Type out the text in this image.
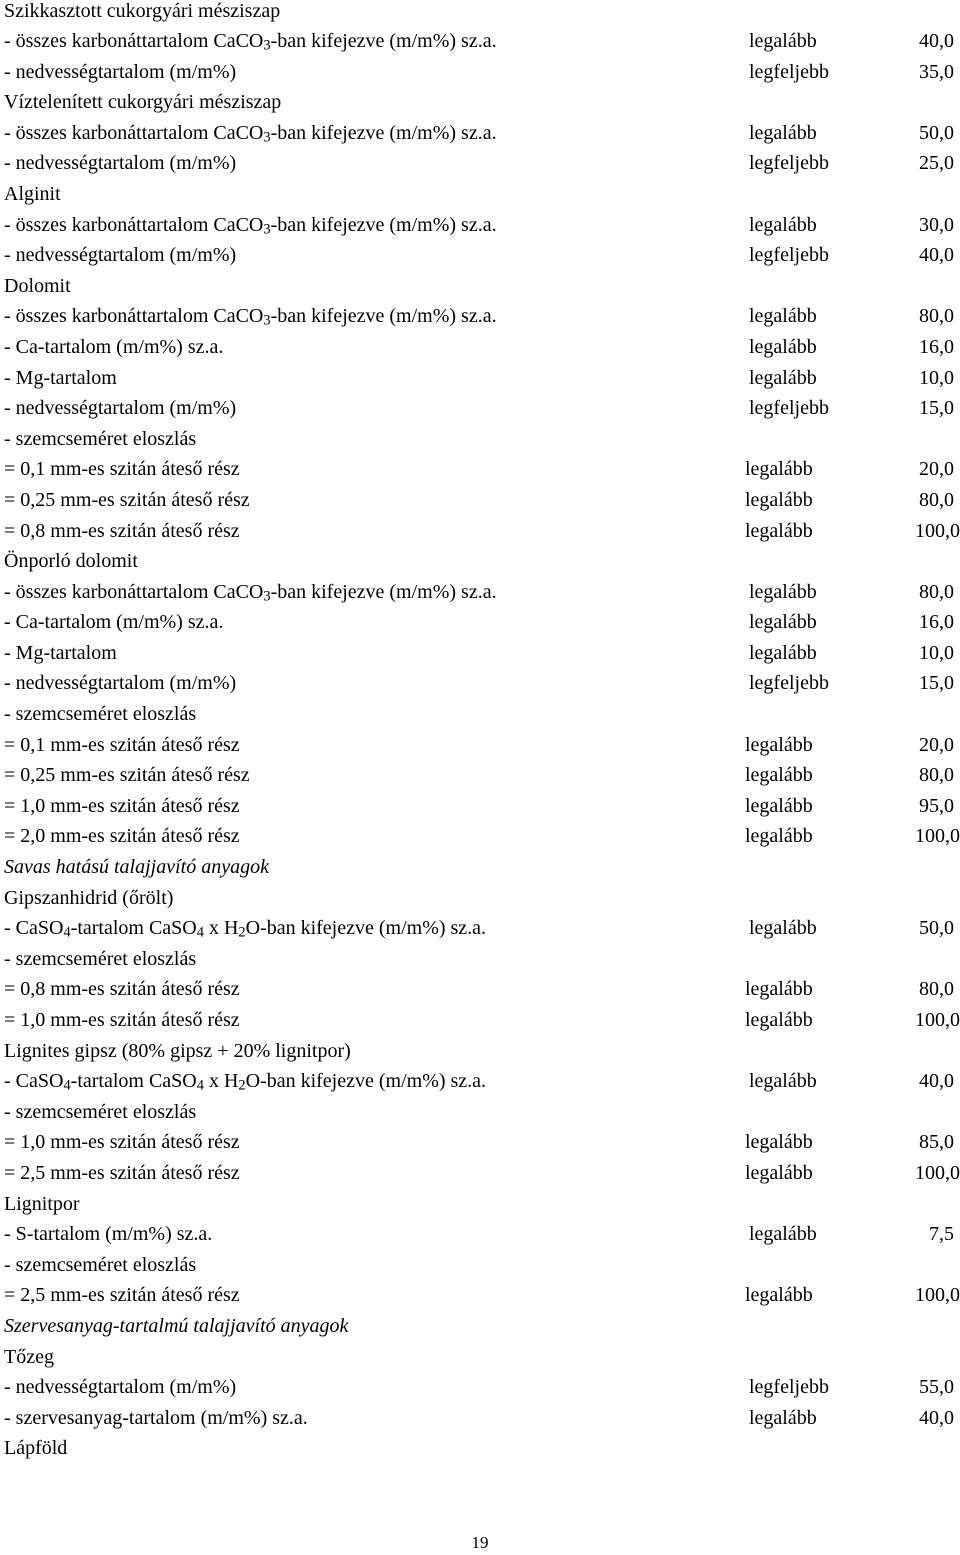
Szikkasztott cukorgyári mésziszap
- összes karbonáttartalom CaCO$_3$-ban kifejezve (m/m%) sz.a.	legalább	40,0
- nedvességtartalom (m/m%)	legfeljebb	35,0
Víztelenített cukorgyári mésziszap
- összes karbonáttartalom CaCO$_3$-ban kifejezve (m/m%) sz.a.	legalább	50,0
- nedvességtartalom (m/m%)	legfeljebb	25,0
Alginit
- összes karbonáttartalom CaCO$_3$-ban kifejezve (m/m%) sz.a.	legalább	30,0
- nedvességtartalom (m/m%)	legfeljebb	40,0
Dolomit
- összes karbonáttartalom CaCO$_3$-ban kifejezve (m/m%) sz.a.	legalább	80,0
- Ca-tartalom (m/m%) sz.a.	legalább	16,0
- Mg-tartalom	legalább	10,0
- nedvességtartalom (m/m%)	legfeljebb	15,0
- szemcseméret eloszlás
= 0,1 mm-es szitán áteső rész	legalább	20,0
= 0,25 mm-es szitán áteső rész	legalább	80,0
= 0,8 mm-es szitán áteső rész	legalább	100,0
Önporló dolomit
- összes karbonáttartalom CaCO$_3$-ban kifejezve (m/m%) sz.a.	legalább	80,0
- Ca-tartalom (m/m%) sz.a.	legalább	16,0
- Mg-tartalom	legalább	10,0
- nedvességtartalom (m/m%)	legfeljebb	15,0
- szemcseméret eloszlás
= 0,1 mm-es szitán áteső rész	legalább	20,0
= 0,25 mm-es szitán áteső rész	legalább	80,0
= 1,0 mm-es szitán áteső rész	legalább	95,0
= 2,0 mm-es szitán áteső rész	legalább	100,0
Savas hatású talajjavító anyagok
Gipszanhidrid (őrölt)
- CaSO$_4$-tartalom CaSO$_4$ x $H_2O$-ban kifejezve (m/m%) sz.a.	legalább	50,0
- szemcseméret eloszlás
= 0,8 mm-es szitán áteső rész	legalább	80,0
= 1,0 mm-es szitán áteső rész	legalább	100,0
Lignites gipsz (80% gipsz + 20% lignitpor)
- CaSO$_4$-tartalom CaSO$_4$ x $H_2O$-ban kifejezve (m/m%) sz.a.	legalább	40,0
- szemcseméret eloszlás
= 1,0 mm-es szitán áteső rész	legalább	85,0
= 2,5 mm-es szitán áteső rész	legalább	100,0
Lignitpor
- S-tartalom (m/m%) sz.a.	legalább	7,5
- szemcseméret eloszlás
= 2,5 mm-es szitán áteső rész	legalább	100,0
Szervesanyag-tartalmú talajjavító anyagok
Tőzeg
- nedvességtartalom (m/m%)	legfeljebb	55,0
- szervesanyag-tartalom (m/m%) sz.a.	legalább	40,0
Lápföld
19
